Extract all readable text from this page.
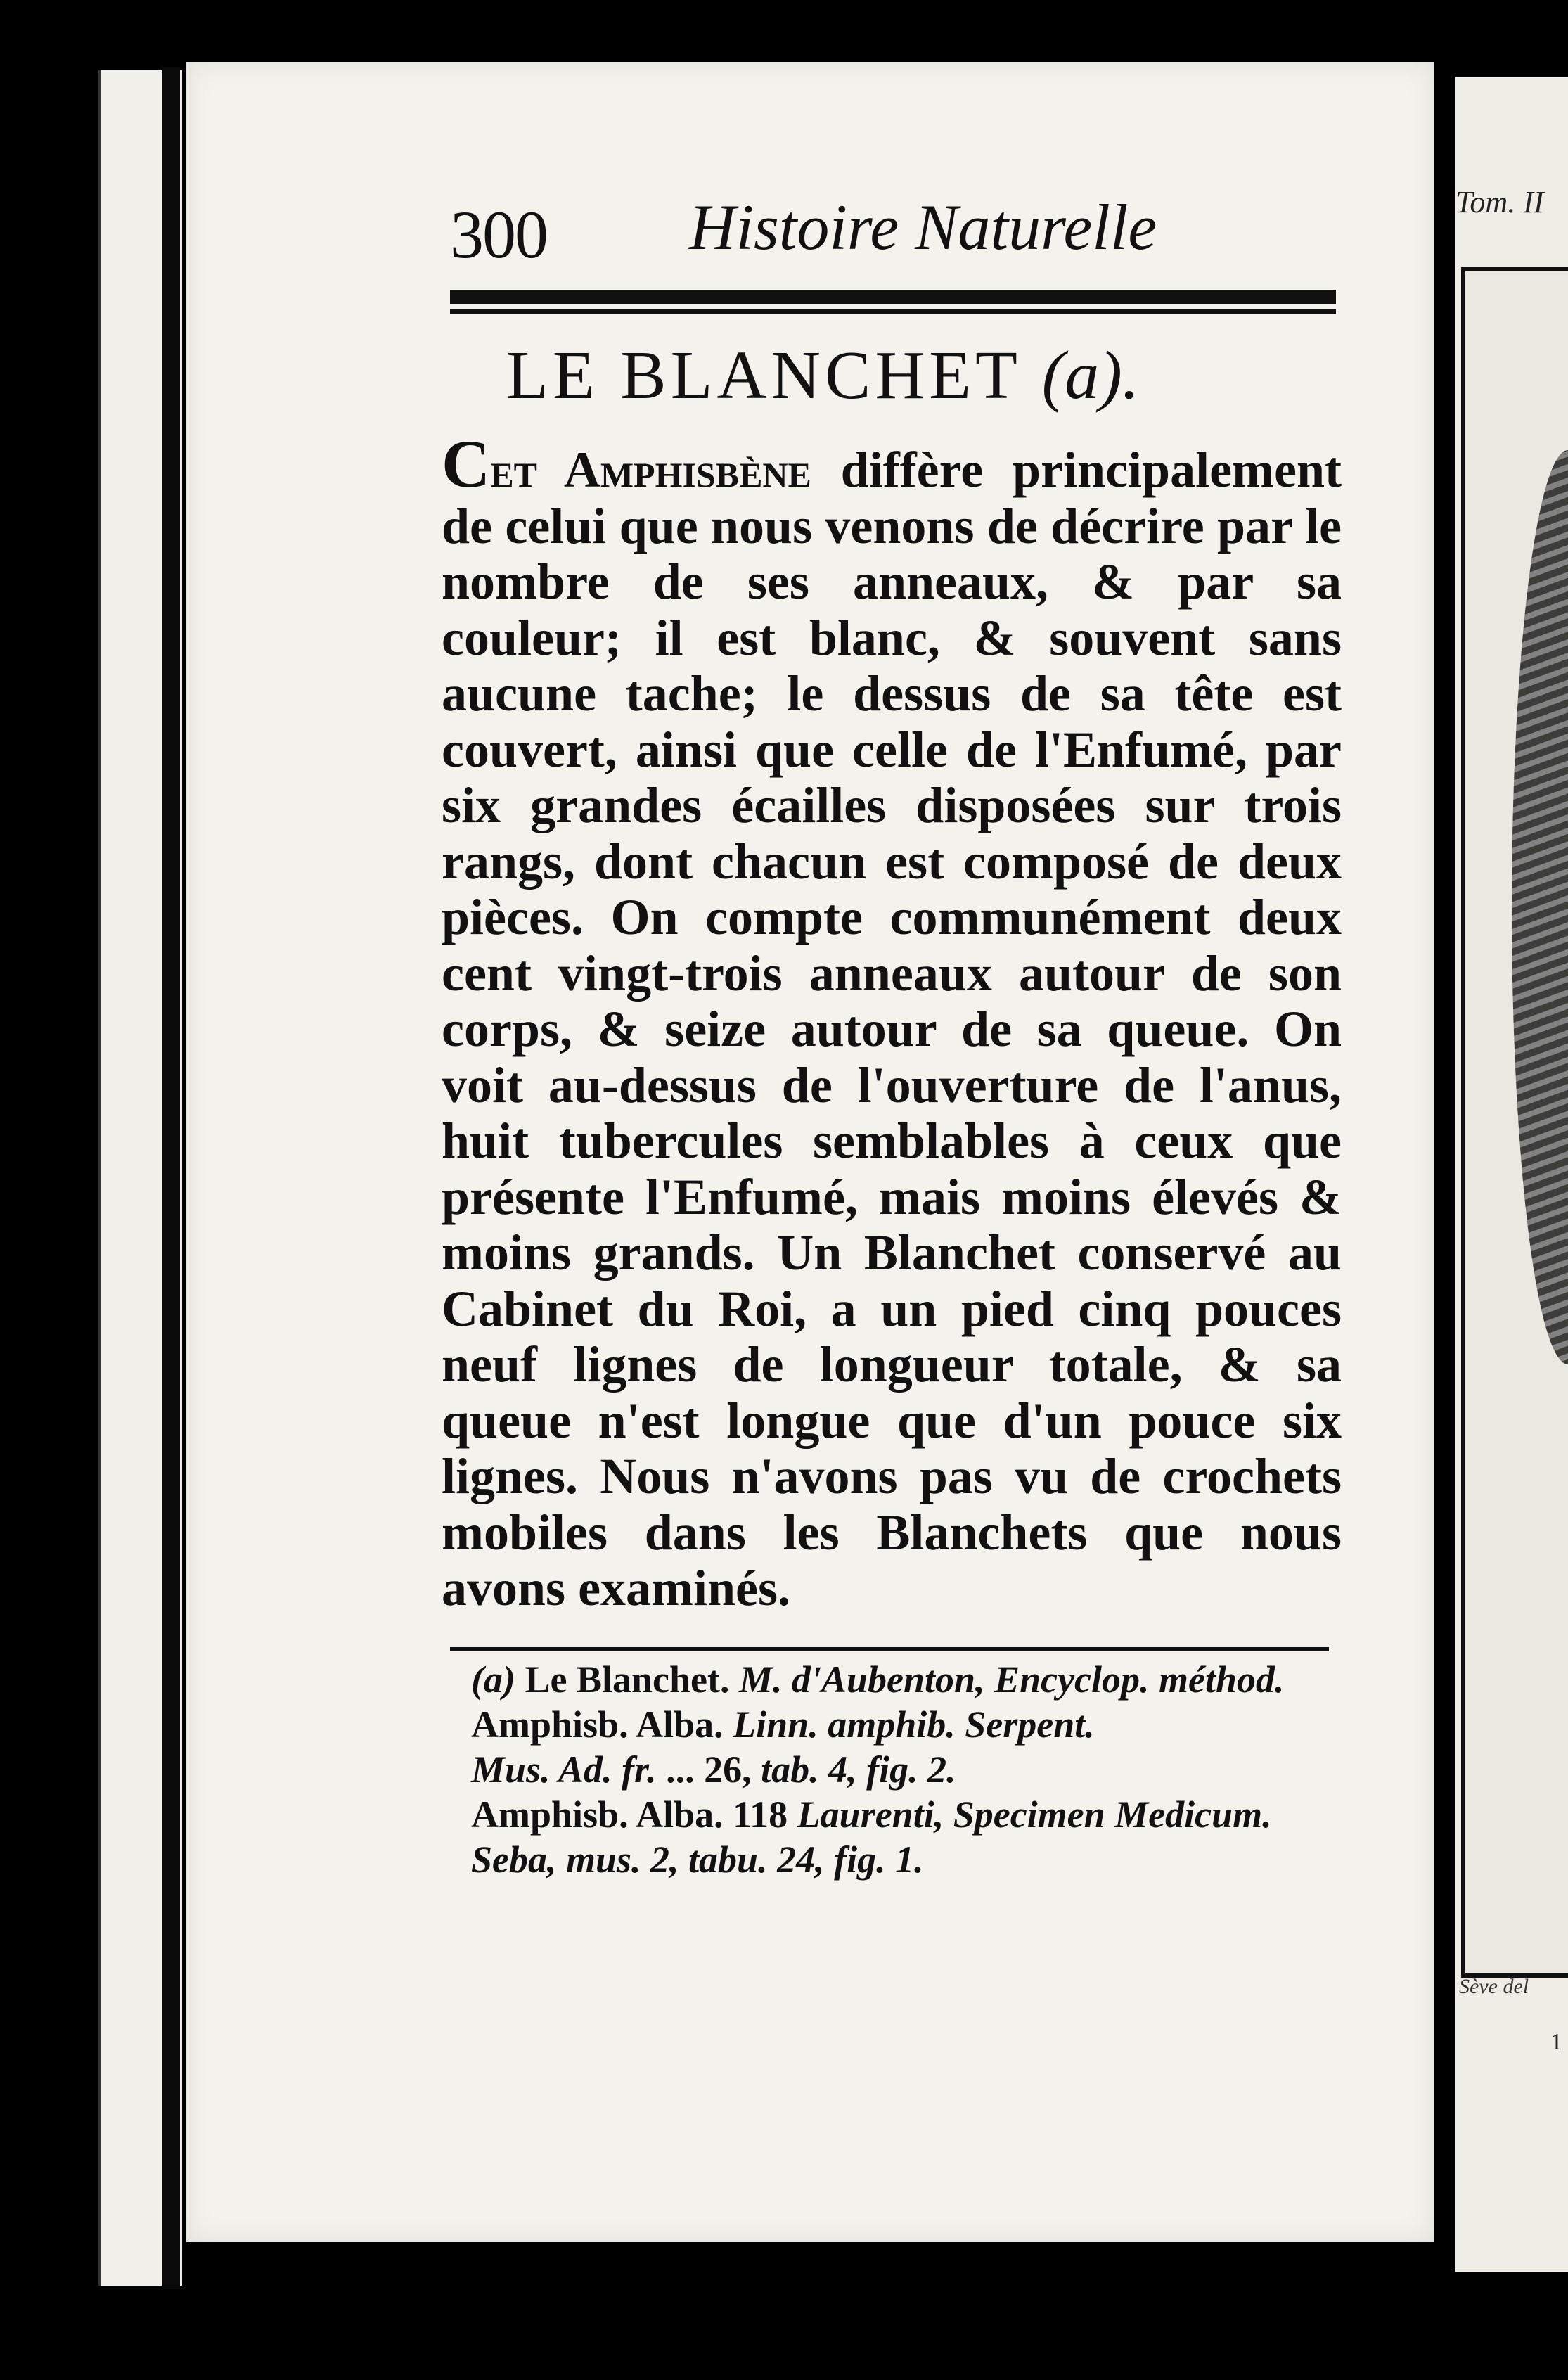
Tom. II
Sève del
1
300 Histoire Naturelle
LE BLANCHET (a).
Cet Amphisbène diffère principalement de celui que nous venons de décrire par le nombre de ses anneaux, & par sa couleur; il est blanc, & souvent sans aucune tache; le dessus de sa tête est couvert, ainsi que celle de l'Enfumé, par six grandes écailles disposées sur trois rangs, dont chacun est composé de deux pièces. On compte communément deux cent vingt-trois anneaux autour de son corps, & seize autour de sa queue. On voit au-dessus de l'ouverture de l'anus, huit tubercules semblables à ceux que présente l'Enfumé, mais moins élevés & moins grands. Un Blanchet conservé au Cabinet du Roi, a un pied cinq pouces neuf lignes de longueur totale, & sa queue n'est longue que d'un pouce six lignes. Nous n'avons pas vu de crochets mobiles dans les Blanchets que nous avons examinés.
(a) Le Blanchet. M. d'Aubenton, Encyclop. méthod.
Amphisb. Alba. Linn. amphib. Serpent.
Mus. Ad. fr. ... 26, tab. 4, fig. 2.
Amphisb. Alba. 118 Laurenti, Specimen Medicum.
Seba, mus. 2, tabu. 24, fig. 1.
